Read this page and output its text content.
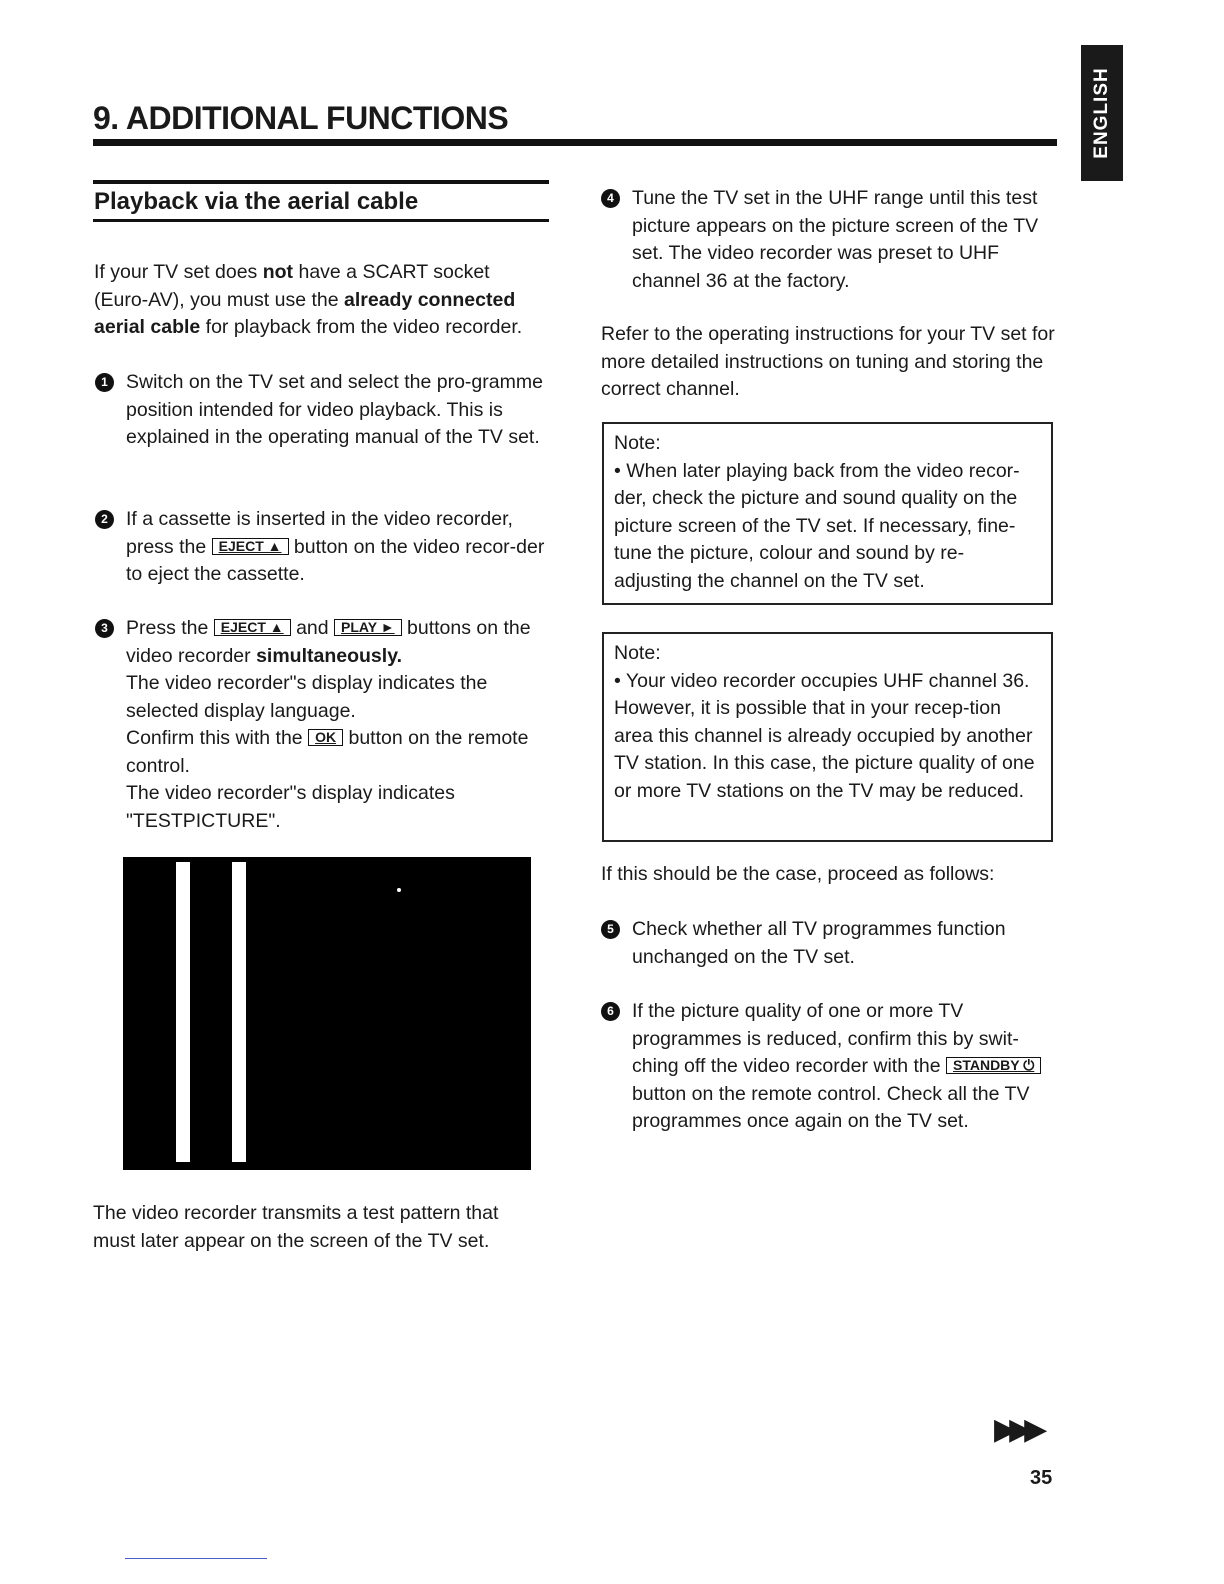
9. ADDITIONAL FUNCTIONS	ENGLISH
Playback via the aerial cable

If your TV set does not have a SCART socket (Euro-AV), you must use the already connected aerial cable for playback from the video recorder.

1 Switch on the TV set and select the pro-gramme position intended for video playback. This is explained in the operating manual of the TV set.
2 If a cassette is inserted in the video recorder, press the EJECT ▲ button on the video recor-der to eject the cassette.
3 Press the EJECT ▲ and PLAY ► buttons on the video recorder simultaneously.
The video recorder"s display indicates the selected display language.
Confirm this with the OK button on the remote control.
The video recorder"s display indicates "TESTPICTURE".

The video recorder transmits a test pattern that must later appear on the screen of the TV set.

4 Tune the TV set in the UHF range until this test picture appears on the picture screen of the TV set. The video recorder was preset to UHF channel 36 at the factory.

Refer to the operating instructions for your TV set for more detailed instructions on tuning and storing the correct channel.

Note:
• When later playing back from the video recor-der, check the picture and sound quality on the picture screen of the TV set. If necessary, fine-tune the picture, colour and sound by re-adjusting the channel on the TV set.
Note:
• Your video recorder occupies UHF channel 36. However, it is possible that in your recep-tion area this channel is already occupied by another TV station. In this case, the picture quality of one or more TV stations on the TV may be reduced.

If this should be the case, proceed as follows:

5 Check whether all TV programmes function unchanged on the TV set.
6 If the picture quality of one or more TV programmes is reduced, confirm this by swit-ching off the video recorder with the STANDBY ⏻ button on the remote control. Check all the TV programmes once again on the TV set.
▶▶▶
35
